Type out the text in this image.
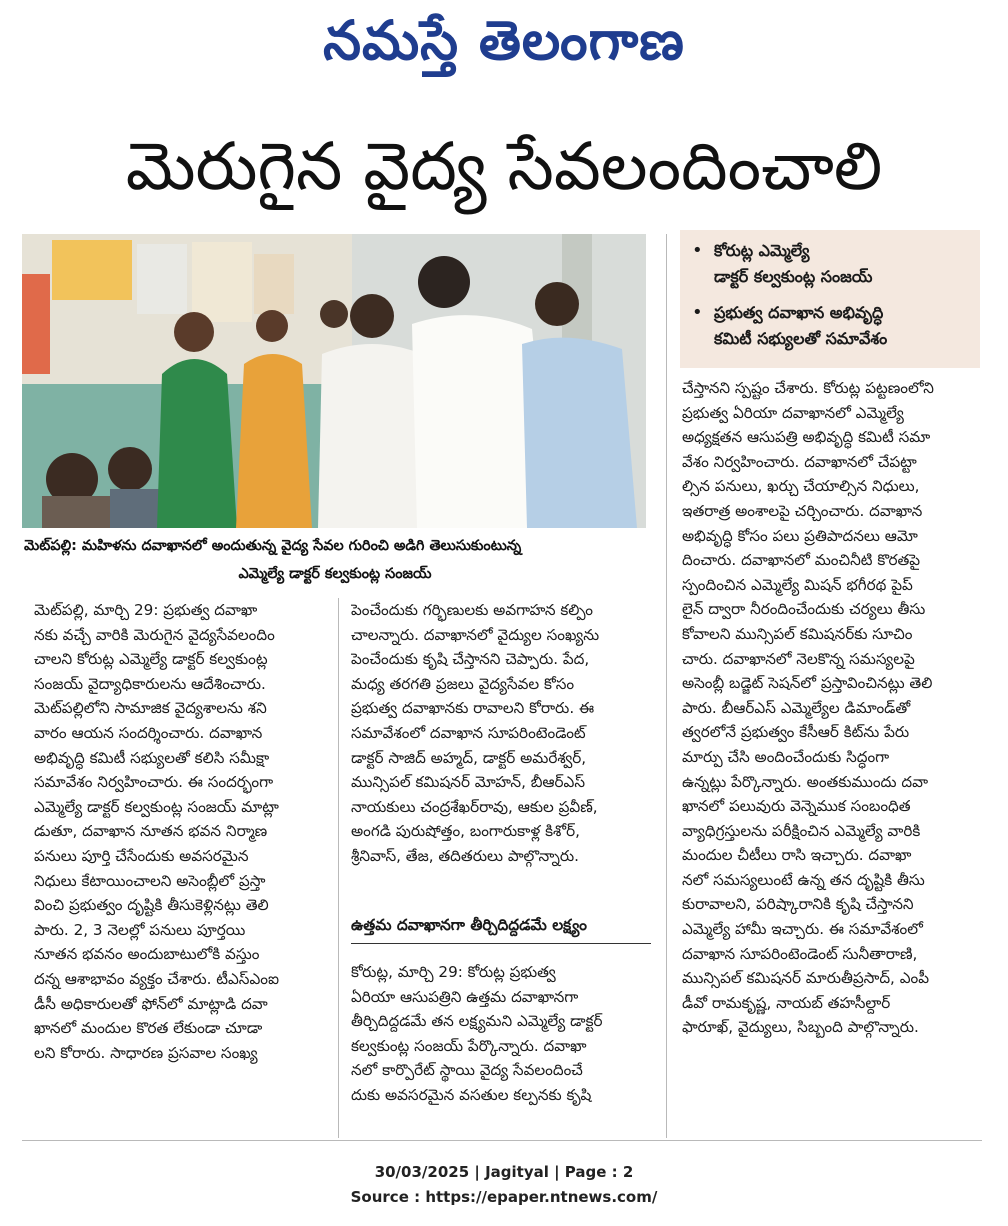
నమస్తే తెలంగాణ
మెరుగైన వైద్య సేవలందించాలి
మెట్‌పల్లి: మహిళను దవాఖానలో అందుతున్న వైద్య సేవల గురించి అడిగి తెలుసుకుంటున్న
ఎమ్మెల్యే డాక్టర్ కల్వకుంట్ల సంజయ్
• కోరుట్ల ఎమ్మెల్యే
డాక్టర్ కల్వకుంట్ల సంజయ్
• ప్రభుత్వ దవాఖాన అభివృద్ధి
కమిటీ సభ్యులతో సమావేశం
మెట్‌పల్లి, మార్చి 29: ప్రభుత్వ దవాఖా
నకు వచ్చే వారికి మెరుగైన వైద్యసేవలందిం
చాలని కోరుట్ల ఎమ్మెల్యే డాక్టర్ కల్వకుంట్ల
సంజయ్ వైద్యాధికారులను ఆదేశించారు.
మెట్‌పల్లిలోని సామాజిక వైద్యశాలను శని
వారం ఆయన సందర్శించారు. దవాఖాన
అభివృద్ధి కమిటీ సభ్యులతో కలిసి సమీక్షా
సమావేశం నిర్వహించారు. ఈ సందర్భంగా
ఎమ్మెల్యే డాక్టర్ కల్వకుంట్ల సంజయ్ మాట్లా
డుతూ, దవాఖాన నూతన భవన నిర్మాణ
పనులు పూర్తి చేసేందుకు అవసరమైన
నిధులు కేటాయించాలని అసెంబ్లీలో ప్రస్తా
వించి ప్రభుత్వం దృష్టికి తీసుకెళ్లినట్లు తెలి
పారు. 2, 3 నెలల్లో పనులు పూర్తయి
నూతన భవనం అందుబాటులోకి వస్తుం
దన్న ఆశాభావం వ్యక్తం చేశారు. టీఎస్ఎంఐ
డీసీ అధికారులతో ఫోన్‌లో మాట్లాడి దవా
ఖానలో మందుల కొరత లేకుండా చూడా
లని కోరారు. సాధారణ ప్రసవాల సంఖ్య
పెంచేందుకు గర్భిణులకు అవగాహన కల్పిం
చాలన్నారు. దవాఖానలో వైద్యుల సంఖ్యను
పెంచేందుకు కృషి చేస్తానని చెప్పారు. పేద,
మధ్య తరగతి ప్రజలు వైద్యసేవల కోసం
ప్రభుత్వ దవాఖానకు రావాలని కోరారు. ఈ
సమావేశంలో దవాఖాన సూపరింటెండెంట్
డాక్టర్ సాజిద్ అహ్మద్, డాక్టర్ అమరేశ్వర్,
మున్సిపల్ కమిషనర్ మోహన్, బీఆర్ఎస్
నాయకులు చంద్రశేఖర్‌రావు, ఆకుల ప్రవీణ్,
అంగడి పురుషోత్తం, బంగారుకాళ్ల కిశోర్,
శ్రీనివాస్, తేజ, తదితరులు పాల్గొన్నారు.
చేస్తానని స్పష్టం చేశారు. కోరుట్ల పట్టణంలోని
ప్రభుత్వ ఏరియా దవాఖానలో ఎమ్మెల్యే
అధ్యక్షతన ఆసుపత్రి అభివృద్ధి కమిటీ సమా
వేశం నిర్వహించారు. దవాఖానలో చేపట్టా
ల్సిన పనులు, ఖర్చు చేయాల్సిన నిధులు,
ఇతరాత్ర అంశాలపై చర్చించారు. దవాఖాన
అభివృద్ధి కోసం పలు ప్రతిపాదనలు ఆమో
దించారు. దవాఖానలో మంచినీటి కొరతపై
స్పందించిన ఎమ్మెల్యే మిషన్ భగీరథ పైప్
లైన్ ద్వారా నీరందించేందుకు చర్యలు తీసు
కోవాలని మున్సిపల్ కమిషనర్‌కు సూచిం
చారు. దవాఖానలో నెలకొన్న సమస్యలపై
అసెంబ్లీ బడ్జెట్ సెషన్‌లో ప్రస్తావించినట్లు తెలి
పారు. బీఆర్ఎస్ ఎమ్మెల్యేల డిమాండ్‌తో
త్వరలోనే ప్రభుత్వం కేసీఆర్ కిట్‌ను పేరు
మార్పు చేసి అందించేందుకు సిద్ధంగా
ఉన్నట్లు పేర్కొన్నారు. అంతకుముందు దవా
ఖానలో పలువురు వెన్నెముక సంబంధిత
వ్యాధిగ్రస్తులను పరీక్షించిన ఎమ్మెల్యే వారికి
మందుల చీటీలు రాసి ఇచ్చారు. దవాఖా
నలో సమస్యలుంటే ఉన్న తన దృష్టికి తీసు
కురావాలని, పరిష్కారానికి కృషి చేస్తానని
ఎమ్మెల్యే హామీ ఇచ్చారు. ఈ సమావేశంలో
దవాఖాన సూపరింటెండెంట్ సునీతారాణి,
మున్సిపల్ కమిషనర్ మారుతీప్రసాద్, ఎంపీ
డీవో రామకృష్ణ, నాయబ్ తహసీల్దార్
ఫారూఖ్, వైద్యులు, సిబ్బంది పాల్గొన్నారు.
ఉత్తమ దవాఖానగా తీర్చిదిద్దడమే లక్ష్యం
కోరుట్ల, మార్చి 29: కోరుట్ల ప్రభుత్వ
ఏరియా ఆసుపత్రిని ఉత్తమ దవాఖానగా
తీర్చిదిద్దడమే తన లక్ష్యమని ఎమ్మెల్యే డాక్టర్
కల్వకుంట్ల సంజయ్ పేర్కొన్నారు. దవాఖా
నలో కార్పొరేట్ స్థాయి వైద్య సేవలందించే
దుకు అవసరమైన వసతుల కల్పనకు కృషి
30/03/2025 | Jagityal | Page : 2
Source : https://epaper.ntnews.com/
